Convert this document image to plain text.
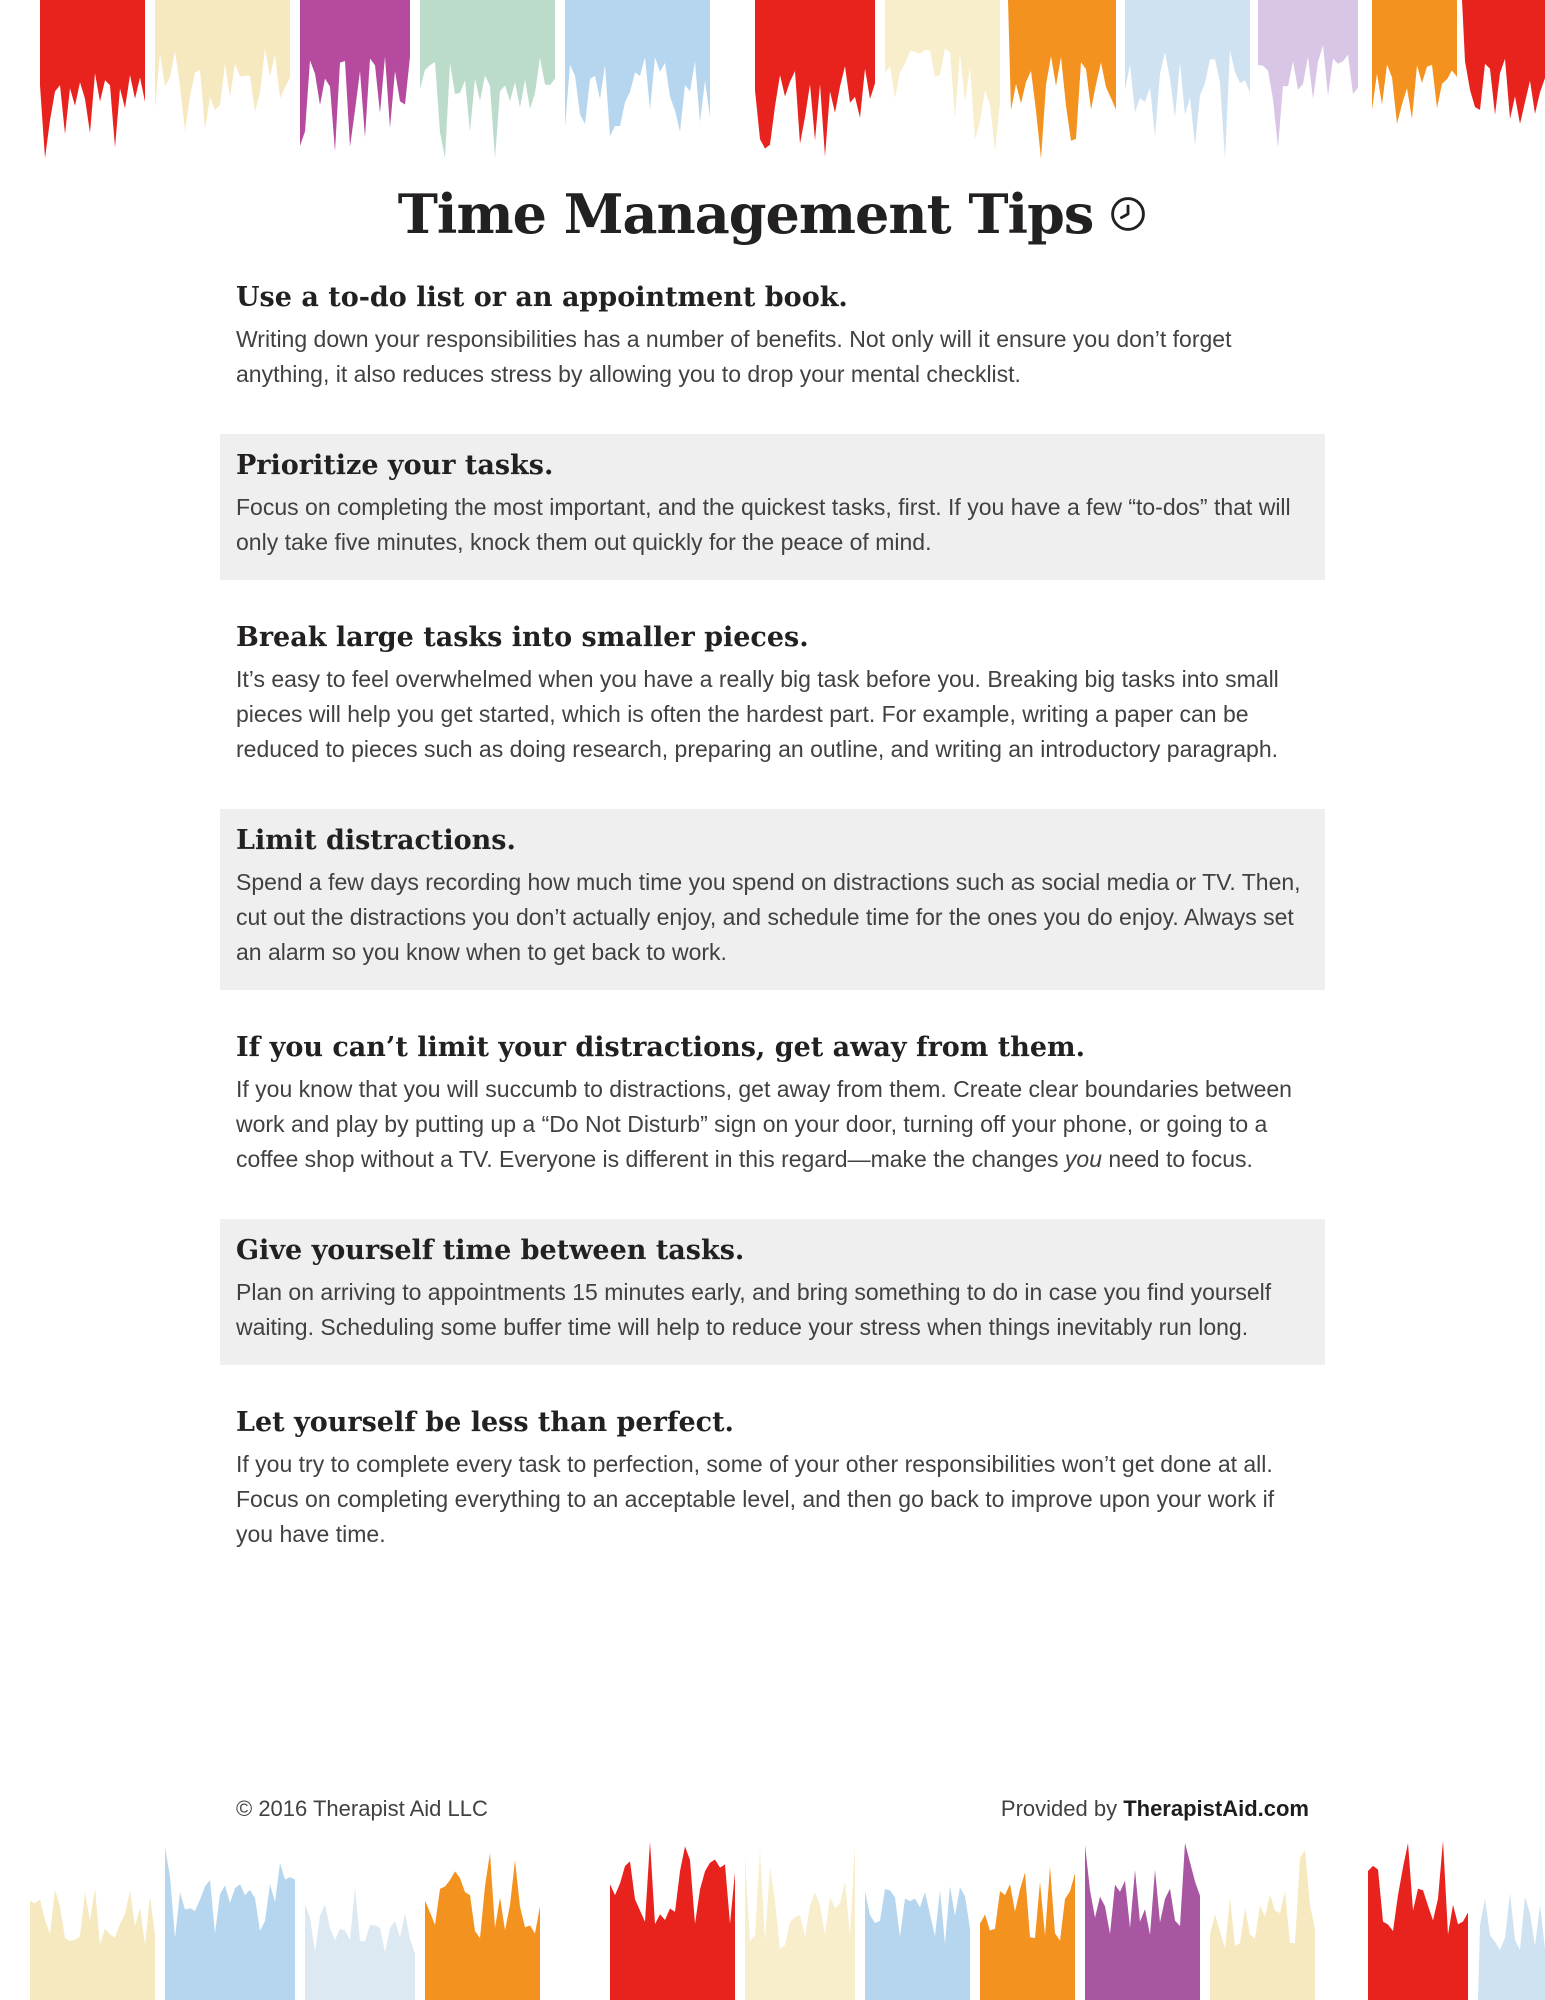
Time Management Tips
Use a to-do list or an appointment book.

Writing down your responsibilities has a number of benefits. Not only will it ensure you don’t forget anything, it also reduces stress by allowing you to drop your mental checklist.

Prioritize your tasks.

Focus on completing the most important, and the quickest tasks, first. If you have a few “to-dos” that will only take five minutes, knock them out quickly for the peace of mind.

Break large tasks into smaller pieces.

It’s easy to feel overwhelmed when you have a really big task before you. Breaking big tasks into small pieces will help you get started, which is often the hardest part. For example, writing a paper can be reduced to pieces such as doing research, preparing an outline, and writing an introductory paragraph.

Limit distractions.

Spend a few days recording how much time you spend on distractions such as social media or TV. Then, cut out the distractions you don’t actually enjoy, and schedule time for the ones you do enjoy. Always set an alarm so you know when to get back to work.

If you can’t limit your distractions, get away from them.

If you know that you will succumb to distractions, get away from them. Create clear boundaries between work and play by putting up a “Do Not Disturb” sign on your door, turning off your phone, or going to a coffee shop without a TV. Everyone is different in this regard—make the changes you need to focus.

Give yourself time between tasks.

Plan on arriving to appointments 15 minutes early, and bring something to do in case you find yourself waiting. Scheduling some buffer time will help to reduce your stress when things inevitably run long.

Let yourself be less than perfect.

If you try to complete every task to perfection, some of your other responsibilities won’t get done at all. Focus on completing everything to an acceptable level, and then go back to improve upon your work if you have time.

© 2016 Therapist Aid LLC	Provided by TherapistAid.com
